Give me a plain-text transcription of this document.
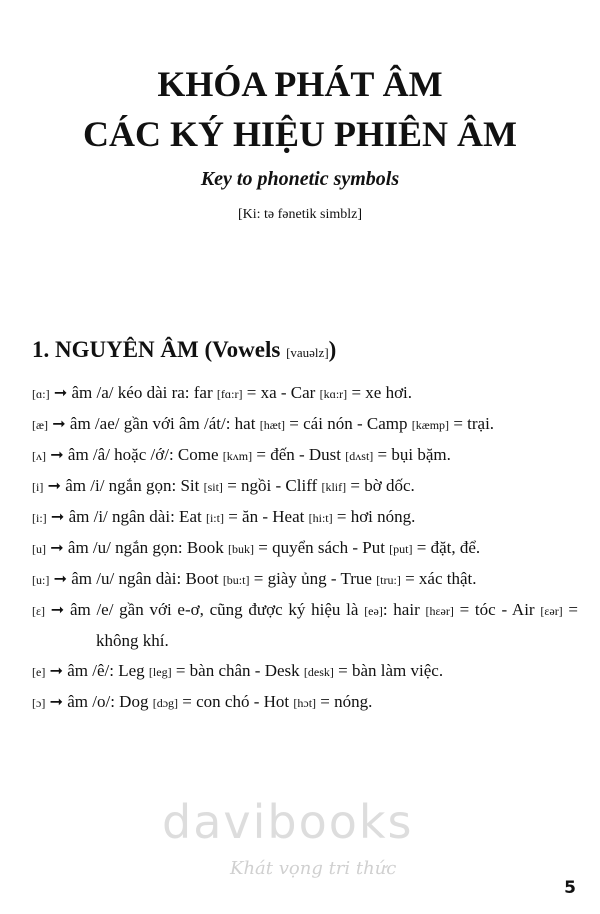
KHÓA PHÁT ÂM
CÁC KÝ HIỆU PHIÊN ÂM
Key to phonetic symbols
[Ki: tə fənetik simblz]
1. NGUYÊN ÂM (Vowels [vauəlz])
[ɑ:] ➞ âm /a/ kéo dài ra: far [fɑ:r] = xa - Car [kɑ:r] = xe hơi.
[æ] ➞ âm /ae/ gần với âm /át/: hat [hæt] = cái nón - Camp [kæmp] = trại.
[ʌ] ➞ âm /â/ hoặc /ớ/: Come [kʌm] = đến - Dust [dʌst] = bụi bặm.
[i] ➞ âm /i/ ngắn gọn: Sit [sit] = ngồi - Cliff [klif] = bờ dốc.
[i:] ➞ âm /i/ ngân dài: Eat [i:t] = ăn - Heat [hi:t] = hơi nóng.
[u] ➞ âm /u/ ngắn gọn: Book [buk] = quyển sách - Put [put] = đặt, để.
[u:] ➞ âm /u/ ngân dài: Boot [bu:t] = giày ủng - True [tru:] = xác thật.
[ɛ] ➞ âm /e/ gần với e-ơ, cũng được ký hiệu là [eə]: hair [hɛər] = tóc - Air [ɛər] = không khí.
[e] ➞ âm /ê/: Leg [leg] = bàn chân - Desk [desk] = bàn làm việc.
[ɔ] ➞ âm /o/: Dog [dɔg] = con chó - Hot [hɔt] = nóng.
davibooks
Khát vọng tri thức
5
